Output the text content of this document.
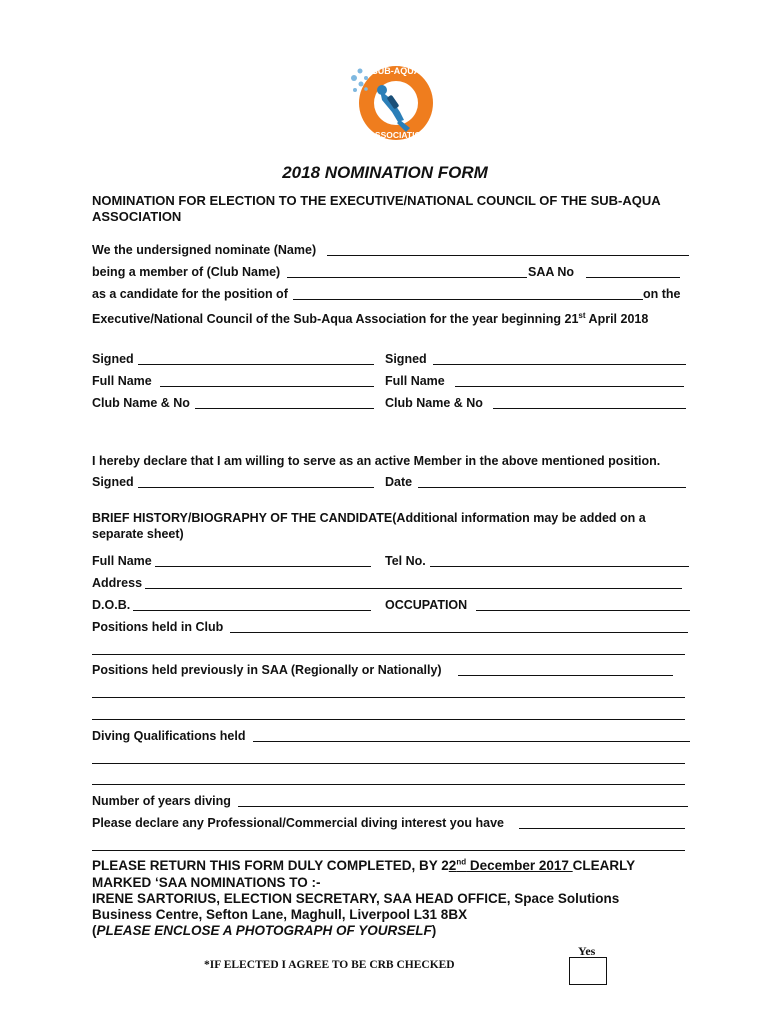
SUB-AQUA
ASSOCIATION
2018 NOMINATION FORM
NOMINATION FOR ELECTION TO THE EXECUTIVE/NATIONAL COUNCIL OF THE SUB-AQUA ASSOCIATION
We the undersigned nominate (Name)
being a member of (Club Name)	SAA No
as a candidate for the position of	on the
Executive/National Council of the Sub-Aqua Association for the year beginning 21st April 2018
Signed	Signed
Full Name	Full Name
Club Name & No	Club Name & No
I hereby declare that I am willing to serve as an active Member in the above mentioned position.
Signed	Date
BRIEF HISTORY/BIOGRAPHY OF THE CANDIDATE(Additional information may be added on a separate sheet)
Full Name	Tel No.
Address
D.O.B.	OCCUPATION
Positions held in Club
Positions held previously in SAA (Regionally or Nationally)
Diving Qualifications held
Number of years diving
Please declare any Professional/Commercial diving interest you have
PLEASE RETURN THIS FORM DULY COMPLETED, BY 22nd December 2017 CLEARLY
MARKED ‘SAA NOMINATIONS TO :-
IRENE SARTORIUS, ELECTION SECRETARY, SAA HEAD OFFICE, Space Solutions
Business Centre, Sefton Lane, Maghull, Liverpool L31 8BX
(PLEASE ENCLOSE A PHOTOGRAPH OF YOURSELF)
Yes
*IF ELECTED I AGREE TO BE CRB CHECKED
